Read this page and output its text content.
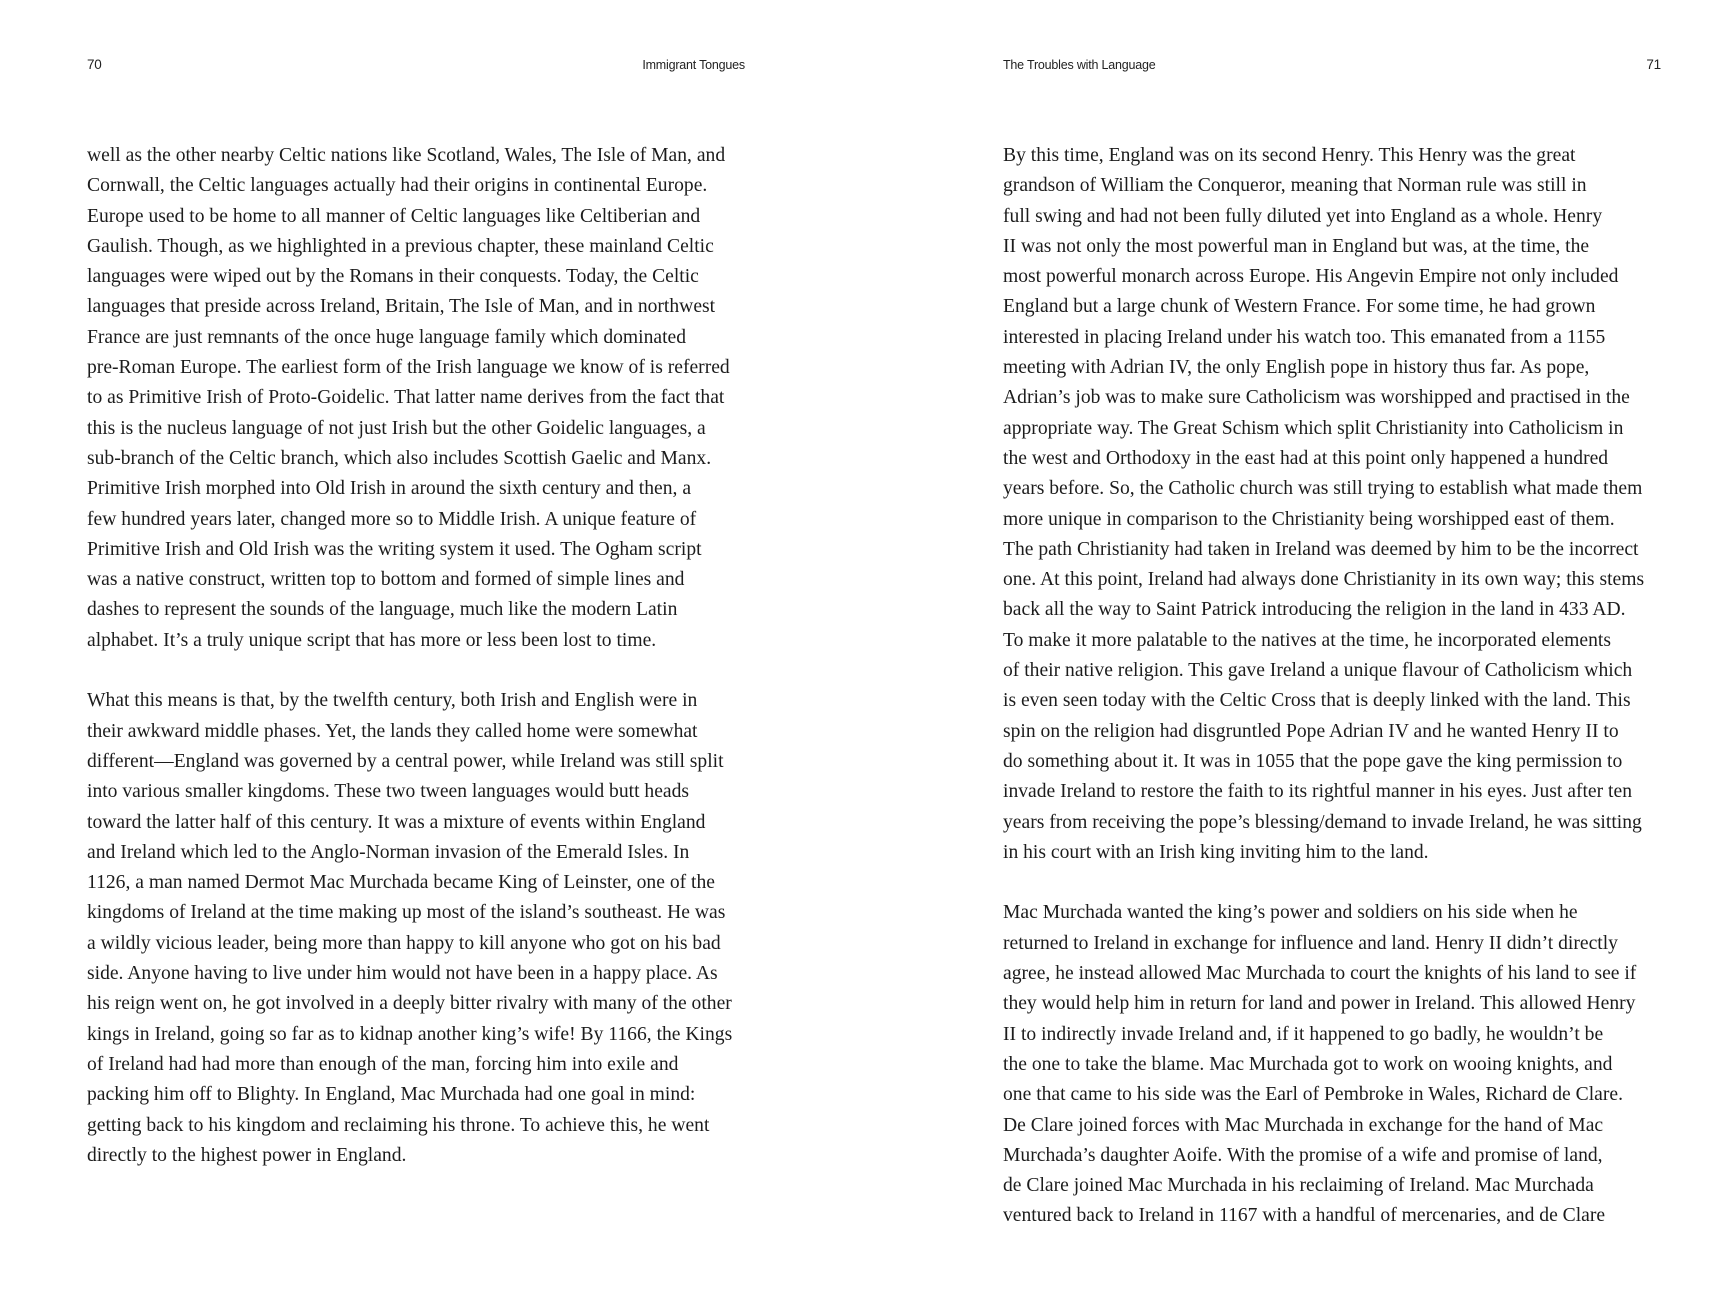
70	Immigrant Tongues

well as the other nearby Celtic nations like Scotland, Wales, The Isle of Man, and
Cornwall, the Celtic languages actually had their origins in continental Europe.
Europe used to be home to all manner of Celtic languages like Celtiberian and
Gaulish. Though, as we highlighted in a previous chapter, these mainland Celtic
languages were wiped out by the Romans in their conquests. Today, the Celtic
languages that preside across Ireland, Britain, The Isle of Man, and in northwest
France are just remnants of the once huge language family which dominated
pre-Roman Europe. The earliest form of the Irish language we know of is referred
to as Primitive Irish of Proto-Goidelic. That latter name derives from the fact that
this is the nucleus language of not just Irish but the other Goidelic languages, a
sub-branch of the Celtic branch, which also includes Scottish Gaelic and Manx.
Primitive Irish morphed into Old Irish in around the sixth century and then, a
few hundred years later, changed more so to Middle Irish. A unique feature of
Primitive Irish and Old Irish was the writing system it used. The Ogham script
was a native construct, written top to bottom and formed of simple lines and
dashes to represent the sounds of the language, much like the modern Latin
alphabet. It’s a truly unique script that has more or less been lost to time.

What this means is that, by the twelfth century, both Irish and English were in
their awkward middle phases. Yet, the lands they called home were somewhat
different—England was governed by a central power, while Ireland was still split
into various smaller kingdoms. These two tween languages would butt heads
toward the latter half of this century. It was a mixture of events within England
and Ireland which led to the Anglo-Norman invasion of the Emerald Isles. In
1126, a man named Dermot Mac Murchada became King of Leinster, one of the
kingdoms of Ireland at the time making up most of the island’s southeast. He was
a wildly vicious leader, being more than happy to kill anyone who got on his bad
side. Anyone having to live under him would not have been in a happy place. As
his reign went on, he got involved in a deeply bitter rivalry with many of the other
kings in Ireland, going so far as to kidnap another king’s wife! By 1166, the Kings
of Ireland had had more than enough of the man, forcing him into exile and
packing him off to Blighty. In England, Mac Murchada had one goal in mind:
getting back to his kingdom and reclaiming his throne. To achieve this, he went
directly to the highest power in England.

The Troubles with Language	71

By this time, England was on its second Henry. This Henry was the great
grandson of William the Conqueror, meaning that Norman rule was still in
full swing and had not been fully diluted yet into England as a whole. Henry
II was not only the most powerful man in England but was, at the time, the
most powerful monarch across Europe. His Angevin Empire not only included
England but a large chunk of Western France. For some time, he had grown
interested in placing Ireland under his watch too. This emanated from a 1155
meeting with Adrian IV, the only English pope in history thus far. As pope,
Adrian’s job was to make sure Catholicism was worshipped and practised in the
appropriate way. The Great Schism which split Christianity into Catholicism in
the west and Orthodoxy in the east had at this point only happened a hundred
years before. So, the Catholic church was still trying to establish what made them
more unique in comparison to the Christianity being worshipped east of them.
The path Christianity had taken in Ireland was deemed by him to be the incorrect
one. At this point, Ireland had always done Christianity in its own way; this stems
back all the way to Saint Patrick introducing the religion in the land in 433 AD.
To make it more palatable to the natives at the time, he incorporated elements
of their native religion. This gave Ireland a unique flavour of Catholicism which
is even seen today with the Celtic Cross that is deeply linked with the land. This
spin on the religion had disgruntled Pope Adrian IV and he wanted Henry II to
do something about it. It was in 1055 that the pope gave the king permission to
invade Ireland to restore the faith to its rightful manner in his eyes. Just after ten
years from receiving the pope’s blessing/demand to invade Ireland, he was sitting
in his court with an Irish king inviting him to the land.

Mac Murchada wanted the king’s power and soldiers on his side when he
returned to Ireland in exchange for influence and land. Henry II didn’t directly
agree, he instead allowed Mac Murchada to court the knights of his land to see if
they would help him in return for land and power in Ireland. This allowed Henry
II to indirectly invade Ireland and, if it happened to go badly, he wouldn’t be
the one to take the blame. Mac Murchada got to work on wooing knights, and
one that came to his side was the Earl of Pembroke in Wales, Richard de Clare.
De Clare joined forces with Mac Murchada in exchange for the hand of Mac
Murchada’s daughter Aoife. With the promise of a wife and promise of land,
de Clare joined Mac Murchada in his reclaiming of Ireland. Mac Murchada
ventured back to Ireland in 1167 with a handful of mercenaries, and de Clare
